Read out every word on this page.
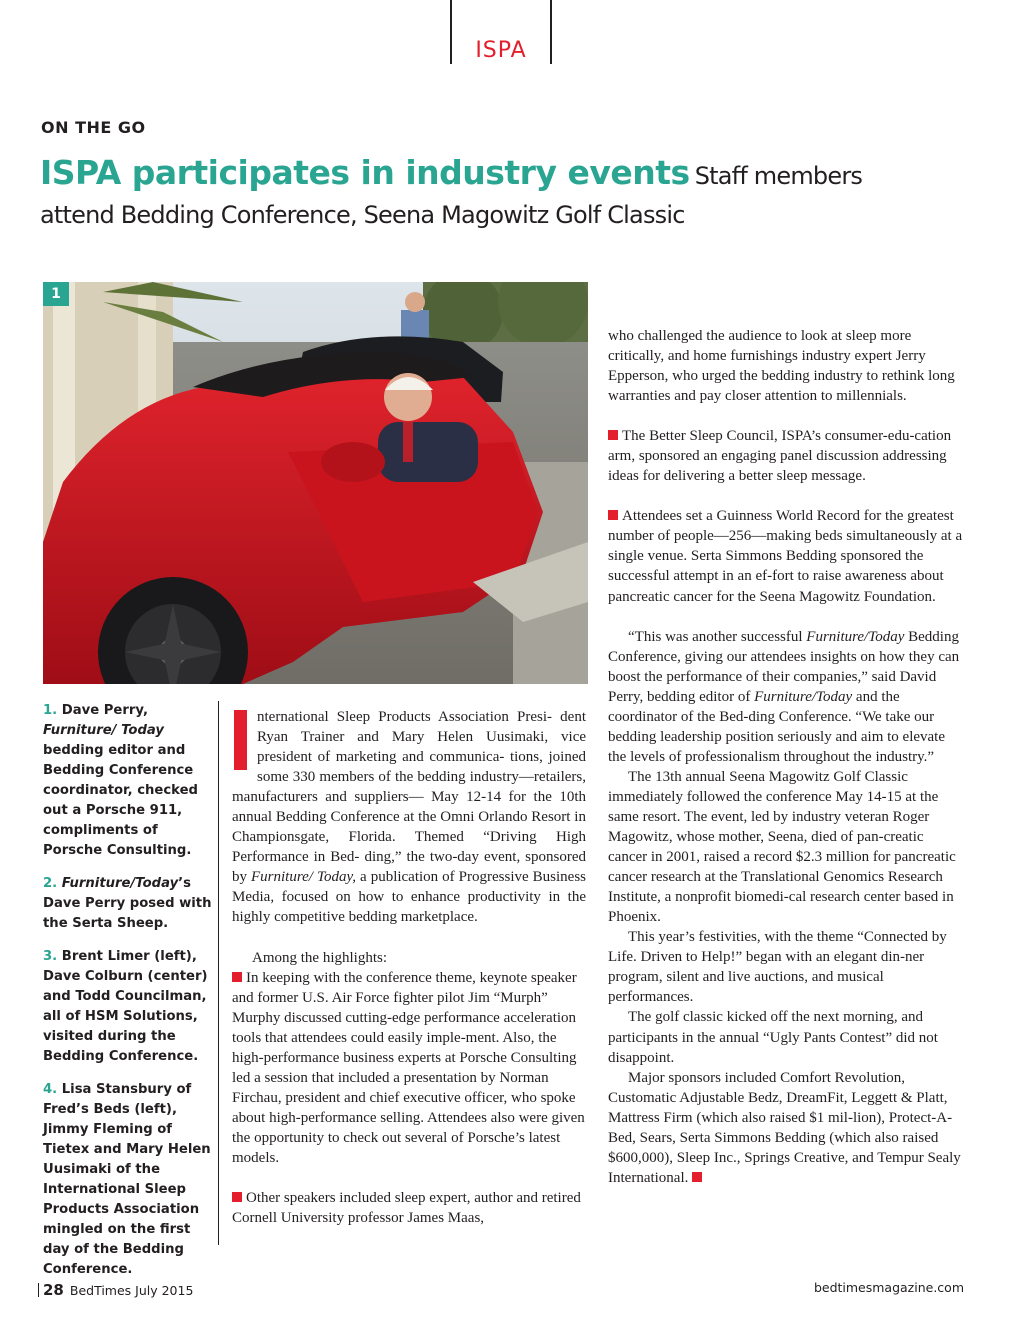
ISPA
ON THE GO
ISPA participates in industry events Staff members
attend Bedding Conference, Seena Magowitz Golf Classic
1

1. Dave Perry, Furniture/ Today bedding editor and Bedding Conference coordinator, checked out a Porsche 911, compliments of Porsche Consulting.

2. Furniture/Today’s Dave Perry posed with the Serta Sheep.

3. Brent Limer (left), Dave Colburn (center) and Todd Councilman, all of HSM Solutions, visited during the Bedding Conference.

4. Lisa Stansbury of Fred’s Beds (left), Jimmy Fleming of Tietex and Mary Helen Uusimaki of the International Sleep Products Association mingled on the first day of the Bedding Conference.

nternational Sleep Products Association Presi- dent Ryan Trainer and Mary Helen Uusimaki, vice president of marketing and communica- tions, joined some 330 members of the bedding industry—retailers, manufacturers and suppliers— May 12-14 for the 10th annual Bedding Conference at the Omni Orlando Resort in Championsgate, Florida. Themed “Driving High Performance in Bed- ding,” the two-day event, sponsored by Furniture/ Today, a publication of Progressive Business Media, focused on how to enhance productivity in the highly competitive bedding marketplace.

Among the highlights:

In keeping with the conference theme, keynote speaker and former U.S. Air Force fighter pilot Jim “Murph” Murphy discussed cutting-edge performance acceleration tools that attendees could easily imple-ment. Also, the high-performance business experts at Porsche Consulting led a session that included a presentation by Norman Firchau, president and chief executive officer, who spoke about high-performance selling. Attendees also were given the opportunity to check out several of Porsche’s latest models.

Other speakers included sleep expert, author and retired Cornell University professor James Maas,

who challenged the audience to look at sleep more critically, and home furnishings industry expert Jerry Epperson, who urged the bedding industry to rethink long warranties and pay closer attention to millennials.

The Better Sleep Council, ISPA’s consumer-edu-cation arm, sponsored an engaging panel discussion addressing ideas for delivering a better sleep message.

Attendees set a Guinness World Record for the greatest number of people—256—making beds simultaneously at a single venue. Serta Simmons Bedding sponsored the successful attempt in an ef-fort to raise awareness about pancreatic cancer for the Seena Magowitz Foundation.

“This was another successful Furniture/Today Bedding Conference, giving our attendees insights on how they can boost the performance of their companies,” said David Perry, bedding editor of Furniture/Today and the coordinator of the Bed-ding Conference. “We take our bedding leadership position seriously and aim to elevate the levels of professionalism throughout the industry.”

The 13th annual Seena Magowitz Golf Classic immediately followed the conference May 14-15 at the same resort. The event, led by industry veteran Roger Magowitz, whose mother, Seena, died of pan-creatic cancer in 2001, raised a record $2.3 million for pancreatic cancer research at the Translational Genomics Research Institute, a nonprofit biomedi-cal research center based in Phoenix.

This year’s festivities, with the theme “Connected by Life. Driven to Help!” began with an elegant din-ner program, silent and live auctions, and musical performances.

The golf classic kicked off the next morning, and participants in the annual “Ugly Pants Contest” did not disappoint.

Major sponsors included Comfort Revolution, Customatic Adjustable Bedz, DreamFit, Leggett & Platt, Mattress Firm (which also raised $1 mil-lion), Protect-A-Bed, Sears, Serta Simmons Bedding (which also raised $600,000), Sleep Inc., Springs Creative, and Tempur Sealy International.

28 BedTimes July 2015	bedtimesmagazine.com
